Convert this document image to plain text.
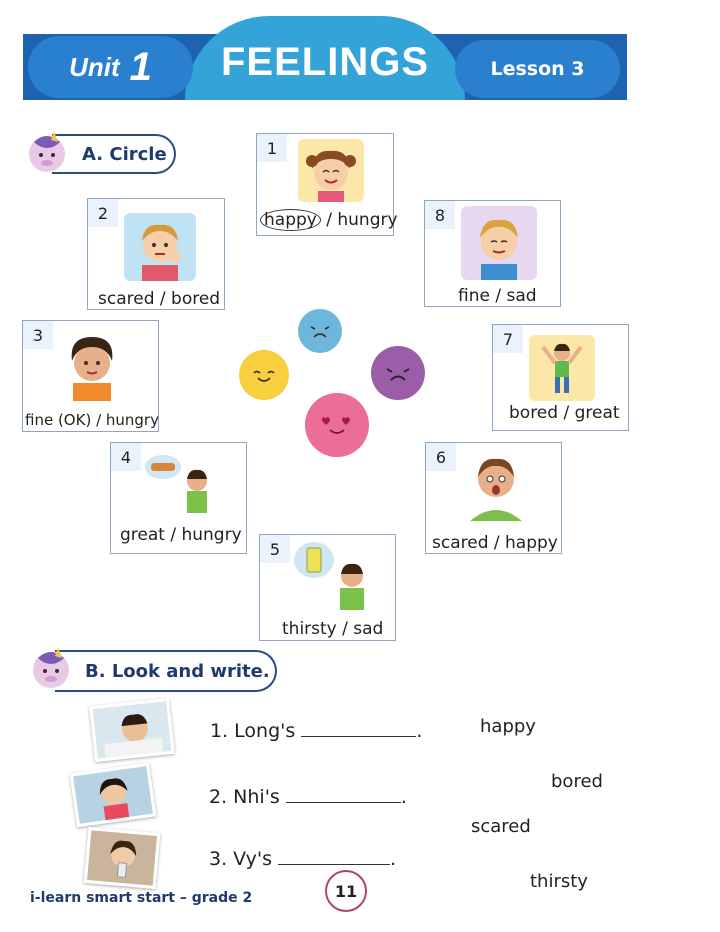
Unit 1	FEELINGS	Lesson 3
A. Circle	1
happy / hungry
2
scared / bored
8
fine / sad
3
fine (OK) / hungry
7
bored / great
4
great / hungry
6
scared / happy
5
thirsty / sad
B. Look and write.
1. Long's	.
2. Nhi's	.
3. Vy's	.
happy
bored
scared
thirsty
i-learn smart start – grade 2	11
